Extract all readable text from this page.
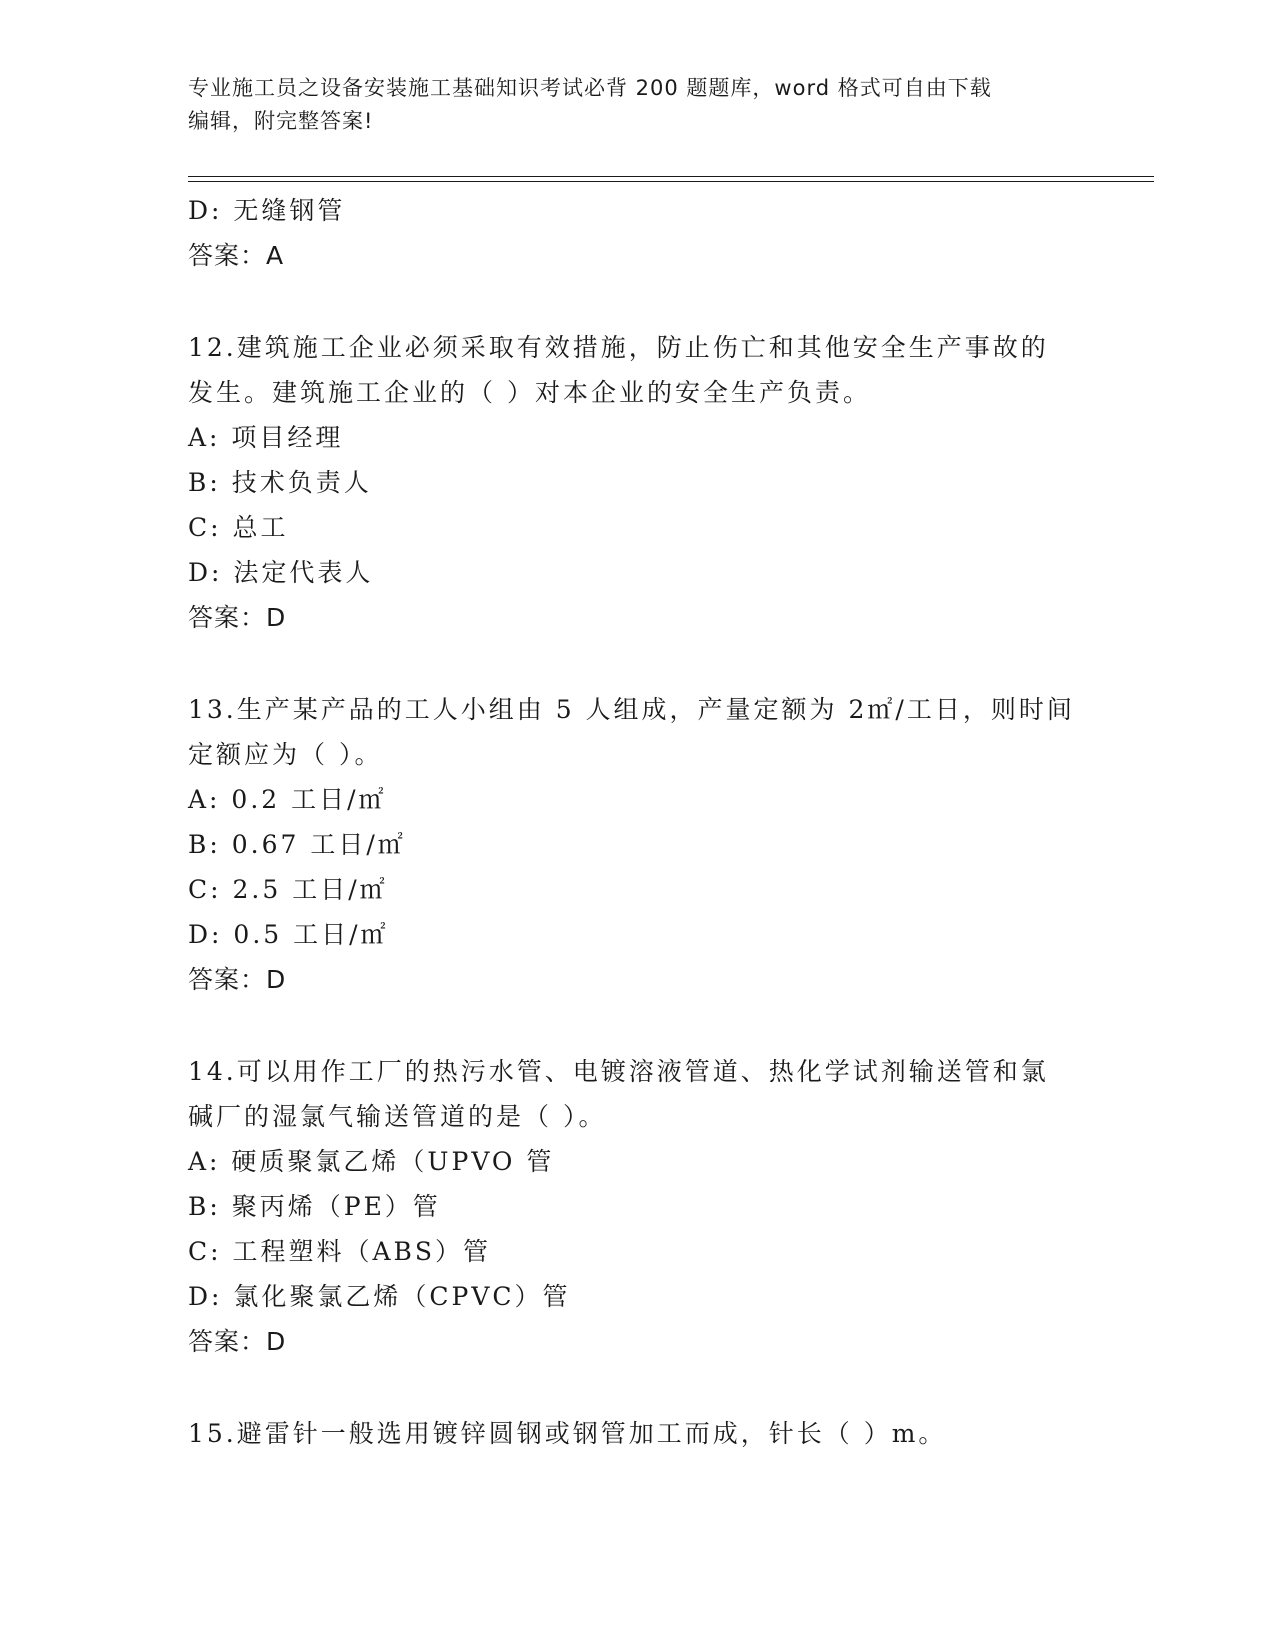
专业施工员之设备安装施工基础知识考试必背 200 题题库，word 格式可自由下载
编辑，附完整答案!
D: 无缝钢管
答案：A
12.建筑施工企业必须采取有效措施，防止伤亡和其他安全生产事故的
发生。建筑施工企业的（ ）对本企业的安全生产负责。
A: 项目经理
B: 技术负责人
C: 总工
D: 法定代表人
答案：D
13.生产某产品的工人小组由 5 人组成，产量定额为 2㎡/工日，则时间
定额应为（ ）。
A: 0.2 工日/㎡
B: 0.67 工日/㎡
C: 2.5 工日/㎡
D: 0.5 工日/㎡
答案：D
14.可以用作工厂的热污水管、电镀溶液管道、热化学试剂输送管和氯
碱厂的湿氯气输送管道的是（ ）。
A: 硬质聚氯乙烯（UPVO 管
B: 聚丙烯（PE）管
C: 工程塑料（ABS）管
D: 氯化聚氯乙烯（CPVC）管
答案：D
15.避雷针一般选用镀锌圆钢或钢管加工而成，针长（ ）m。
